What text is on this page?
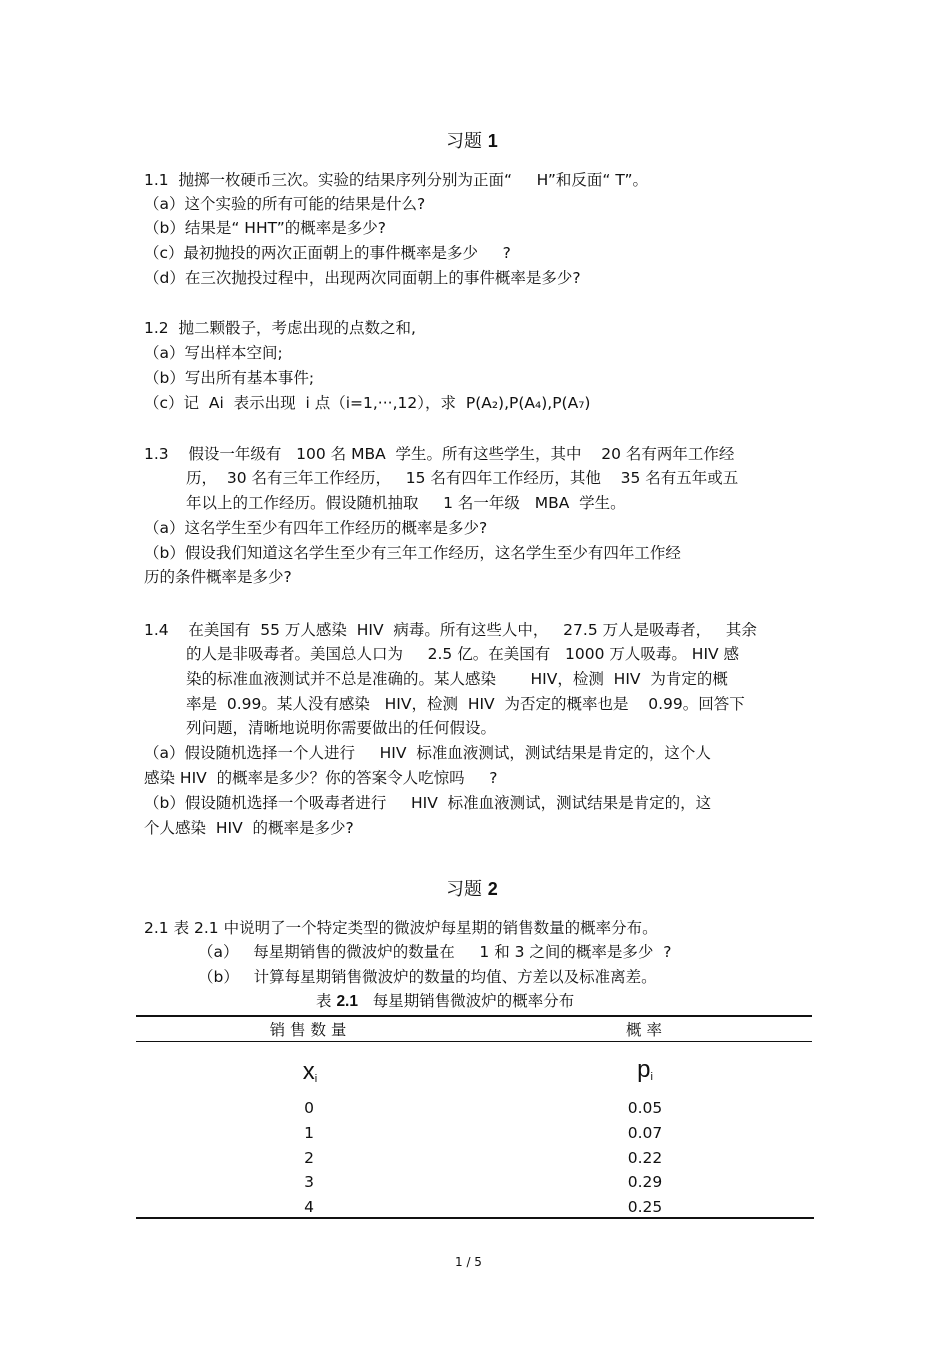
习题 1
1.1  抛掷一枚硬币三次。实验的结果序列分别为正面“     H”和反面“ T”。
（a）这个实验的所有可能的结果是什么?
（b）结果是“ HHT”的概率是多少?
（c）最初抛投的两次正面朝上的事件概率是多少     ?
（d）在三次抛投过程中，出现两次同面朝上的事件概率是多少?
1.2  抛二颗骰子，考虑出现的点数之和,
（a）写出样本空间;
（b）写出所有基本事件;
（c）记  Ai  表示出现  i 点（i=1,···,12），求  P(A₂),P(A₄),P(A₇)
1.3    假设一年级有   100 名 MBA  学生。所有这些学生，其中    20 名有两年工作经
历，  30 名有三年工作经历，   15 名有四年工作经历，其他    35 名有五年或五
年以上的工作经历。假设随机抽取     1 名一年级   MBA  学生。
（a）这名学生至少有四年工作经历的概率是多少?
（b）假设我们知道这名学生至少有三年工作经历，这名学生至少有四年工作经
历的条件概率是多少?
1.4    在美国有  55 万人感染  HIV  病毒。所有这些人中，   27.5 万人是吸毒者，   其余
的人是非吸毒者。美国总人口为     2.5 亿。在美国有   1000 万人吸毒。 HIV 感
染的标准血液测试并不总是准确的。某人感染       HIV，检测  HIV  为肯定的概
率是  0.99。某人没有感染   HIV，检测  HIV  为否定的概率也是    0.99。回答下
列问题，清晰地说明你需要做出的任何假设。
（a）假设随机选择一个人进行     HIV  标准血液测试，测试结果是肯定的，这个人
感染 HIV  的概率是多少？你的答案令人吃惊吗     ?
（b）假设随机选择一个吸毒者进行     HIV  标准血液测试，测试结果是肯定的，这
个人感染  HIV  的概率是多少?
习题 2
2.1 表 2.1 中说明了一个特定类型的微波炉每星期的销售数量的概率分布。
（a）   每星期销售的微波炉的数量在     1 和 3 之间的概率是多少  ?
（b）   计算每星期销售微波炉的数量的均值、方差以及标准离差。
表 2.1   每星期销售微波炉的概率分布
销 售 数 量	概 率
$x_i$	$p_i$
0	0.05
1	0.07
2	0.22
3	0.29
4	0.25
1 / 5
